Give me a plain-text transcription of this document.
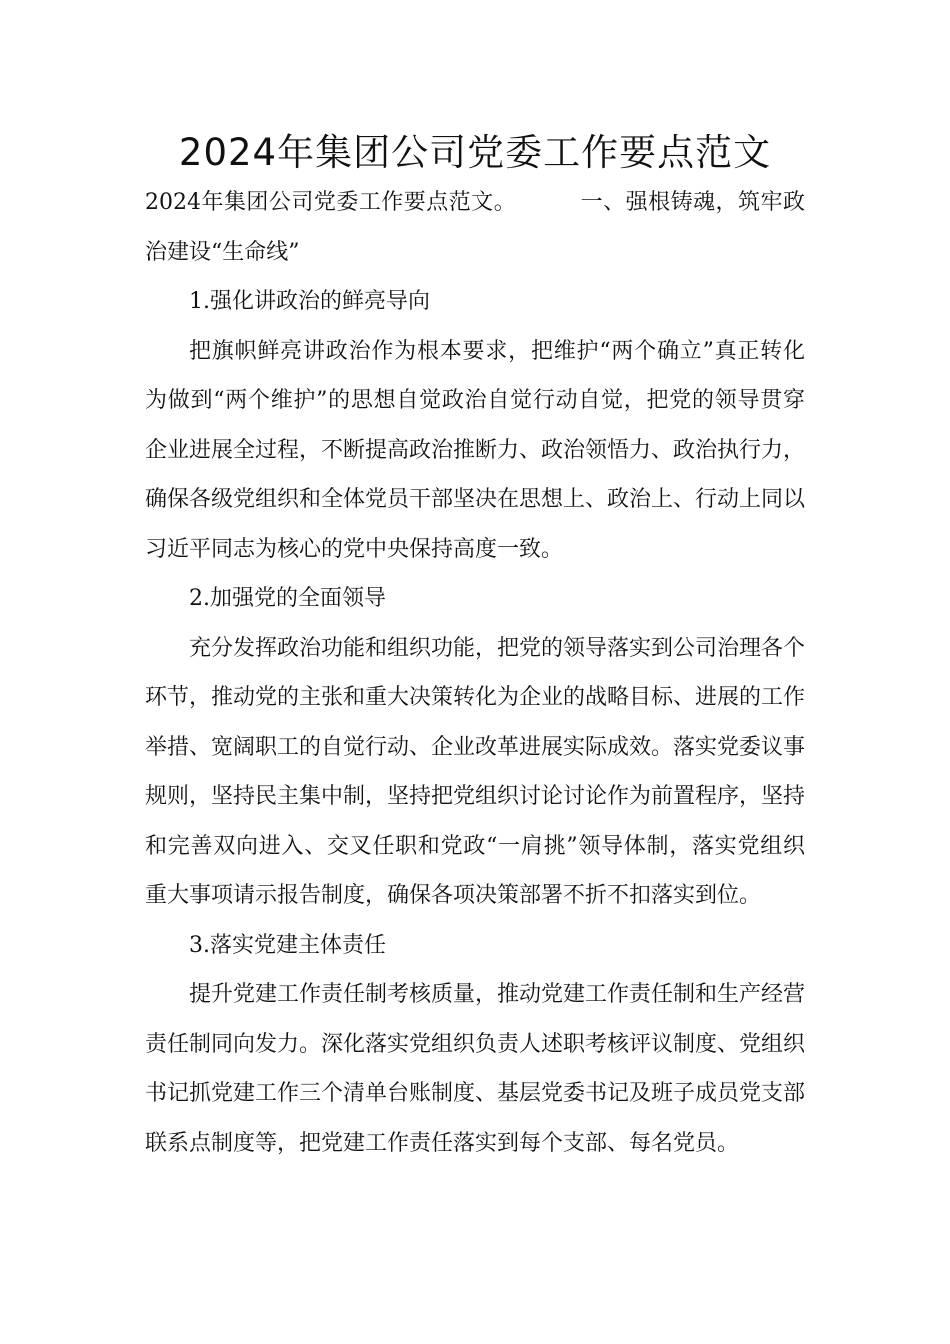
2024年集团公司党委工作要点范文

2024年集团公司党委工作要点范文。	一、强根铸魂，筑牢政治建设“生命线”

1.强化讲政治的鲜亮导向

把旗帜鲜亮讲政治作为根本要求，把维护“两个确立”真正转化为做到“两个维护”的思想自觉政治自觉行动自觉，把党的领导贯穿企业进展全过程，不断提高政治推断力、政治领悟力、政治执行力，确保各级党组织和全体党员干部坚决在思想上、政治上、行动上同以习近平同志为核心的党中央保持高度一致。

2.加强党的全面领导

充分发挥政治功能和组织功能，把党的领导落实到公司治理各个环节，推动党的主张和重大决策转化为企业的战略目标、进展的工作举措、宽阔职工的自觉行动、企业改革进展实际成效。落实党委议事规则，坚持民主集中制，坚持把党组织讨论讨论作为前置程序，坚持和完善双向进入、交叉任职和党政“一肩挑”领导体制，落实党组织重大事项请示报告制度，确保各项决策部署不折不扣落实到位。

3.落实党建主体责任

提升党建工作责任制考核质量，推动党建工作责任制和生产经营责任制同向发力。深化落实党组织负责人述职考核评议制度、党组织书记抓党建工作三个清单台账制度、基层党委书记及班子成员党支部联系点制度等，把党建工作责任落实到每个支部、每名党员。
